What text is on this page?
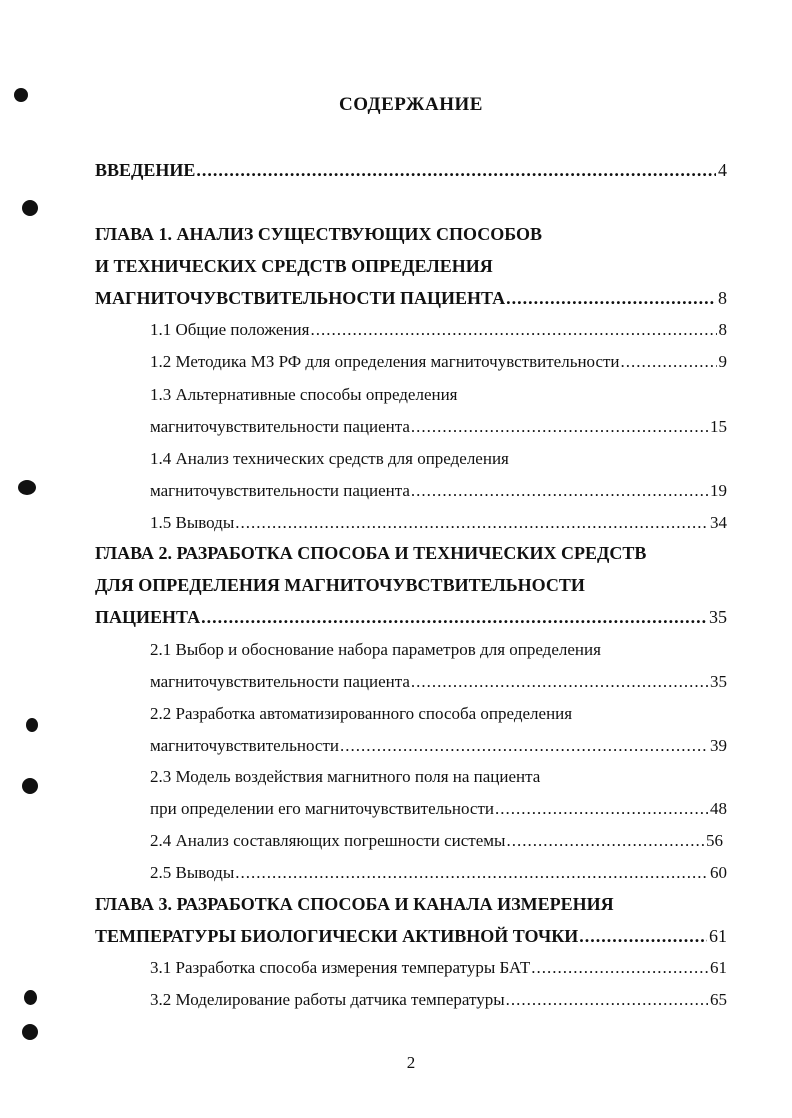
СОДЕРЖАНИЕ
ВВЕДЕНИЕ .....	4
ГЛАВА 1. АНАЛИЗ СУЩЕСТВУЮЩИХ СПОСОБОВ
И ТЕХНИЧЕСКИХ СРЕДСТВ ОПРЕДЕЛЕНИЯ
МАГНИТОЧУВСТВИТЕЛЬНОСТИ ПАЦИЕНТА .....	8
1.1 Общие положения .....	8
1.2 Методика МЗ РФ для определения магниточувствительности .....	9
1.3 Альтернативные способы определения
магниточувствительности пациента .....	15
1.4 Анализ технических средств для определения
магниточувствительности пациента .....	19
1.5 Выводы .....	34
ГЛАВА 2. РАЗРАБОТКА СПОСОБА И ТЕХНИЧЕСКИХ СРЕДСТВ
ДЛЯ ОПРЕДЕЛЕНИЯ МАГНИТОЧУВСТВИТЕЛЬНОСТИ
ПАЦИЕНТА .....	35
2.1 Выбор и обоснование набора параметров для определения
магниточувствительности пациента .....	35
2.2 Разработка автоматизированного способа определения
магниточувствительности .....	39
2.3 Модель воздействия магнитного поля на пациента
при определении его магниточувствительности .....	48
2.4 Анализ составляющих погрешности системы .....	56
2.5 Выводы .....	60
ГЛАВА 3. РАЗРАБОТКА СПОСОБА И КАНАЛА ИЗМЕРЕНИЯ
ТЕМПЕРАТУРЫ БИОЛОГИЧЕСКИ АКТИВНОЙ ТОЧКИ .....	61
3.1 Разработка способа измерения температуры БАТ .....	61
3.2 Моделирование работы датчика температуры .....	65
2
